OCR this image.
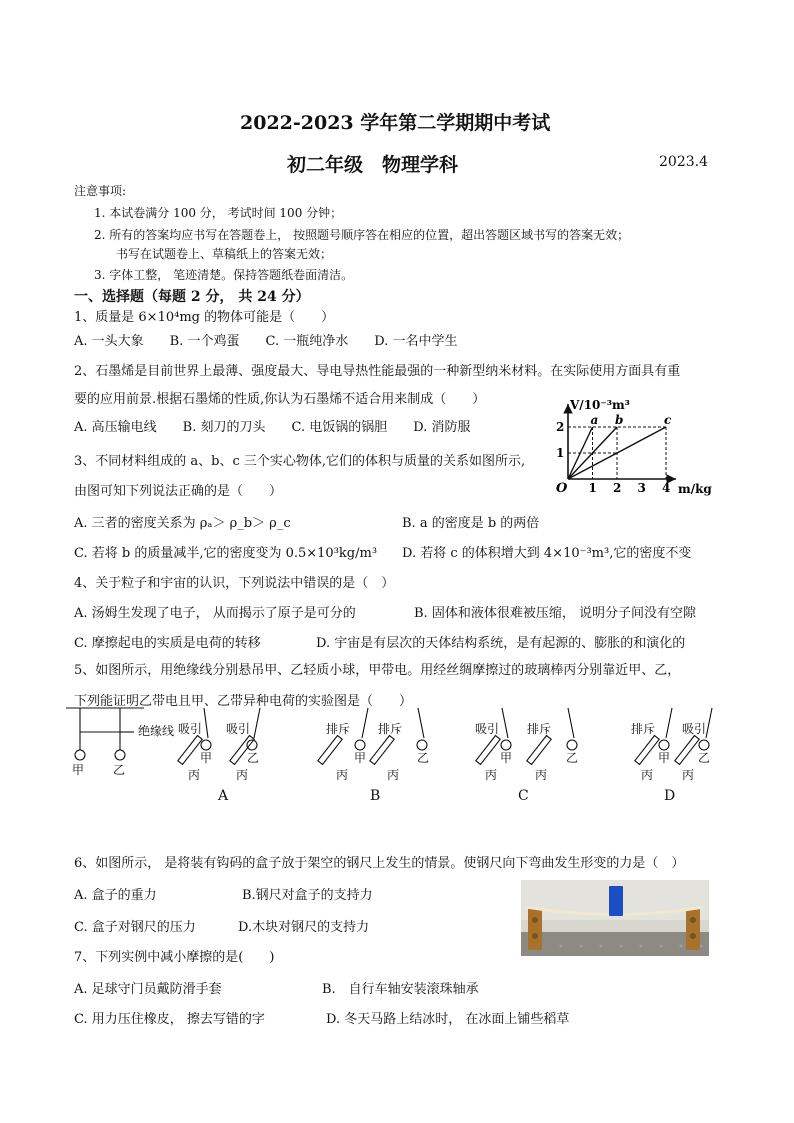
2022-2023 学年第二学期期中考试
初二年级　物理学科	2023.4
注意事项:
1. 本试卷满分 100 分， 考试时间 100 分钟；
2. 所有的答案均应书写在答题卷上， 按照题号顺序答在相应的位置，超出答题区域书写的答案无效；
书写在试题卷上、草稿纸上的答案无效；
3. 字体工整， 笔迹清楚。保持答题纸卷面清洁。
一、选择题（每题 2 分， 共 24 分）
1、质量是 6×10⁴mg 的物体可能是（　　）
A. 一头大象　　B. 一个鸡蛋　　C. 一瓶纯净水　　D. 一名中学生
2、石墨烯是目前世界上最薄、强度最大、导电导热性能最强的一种新型纳米材料。在实际使用方面具有重
要的应用前景.根据石墨烯的性质,你认为石墨烯不适合用来制成（　　）
A. 高压输电线　　B. 刻刀的刀头　　C. 电饭锅的锅胆　　D. 消防服
3、不同材料组成的 a、b、c 三个实心物体,它们的体积与质量的关系如图所示,
由图可知下列说法正确的是（　　）
A. 三者的密度关系为 ρₐ＞ ρ_b＞ ρ_c	B. a 的密度是 b 的两倍
C. 若将 b 的质量减半,它的密度变为 0.5×10³kg/m³ D. 若将 c 的体积增大到 4×10⁻³m³,它的密度不变
a b	c
1 2 3 4
1
2
V/10⁻³m³
m/kg
O
4、关于粒子和宇宙的认识，下列说法中错误的是（　）
A. 汤姆生发现了电子， 从而揭示了原子是可分的	B. 固体和液体很难被压缩， 说明分子间没有空隙
C. 摩擦起电的实质是电荷的转移	D. 宇宙是有层次的天体结构系统，是有起源的、膨胀的和演化的
5、如图所示，用绝缘线分别悬吊甲、乙轻质小球，甲带电。用经丝绸摩擦过的玻璃棒丙分别靠近甲、乙，
下列能证明乙带电且甲、乙带异种电荷的实验图是（　　）
绝缘线
甲 乙
吸引
甲
吸引
乙
丙	丙
排斥
甲
排斥
乙
丙	丙
吸引
甲
排斥
乙
丙	丙
排斥
甲
吸引
乙
丙 丙
A	B	C	D
6、如图所示， 是将装有钩码的盒子放于架空的钢尺上发生的情景。使钢尺向下弯曲发生形变的力是（　）
A. 盒子的重力	B.钢尺对盒子的支持力
C. 盒子对钢尺的压力	D.木块对钢尺的支持力
7、下列实例中减小摩擦的是(　　)
A. 足球守门员戴防滑手套	B.　自行车轴安装滚珠轴承
C. 用力压住橡皮， 擦去写错的字	D. 冬天马路上结冰时， 在冰面上铺些稻草
